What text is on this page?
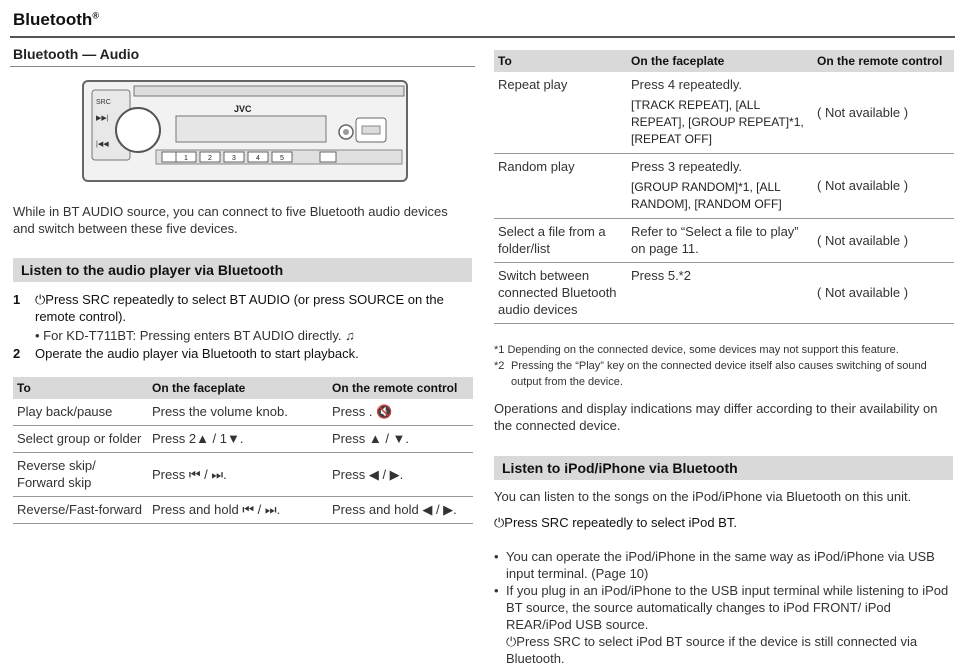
Bluetooth®
Bluetooth — Audio
SRC
▶▶|
|◀◀
JVC
1	2	3	4	5
While in BT AUDIO source, you can connect to five Bluetooth audio devices and switch between these five devices.
Listen to the audio player via Bluetooth
1 ⏻Press SRC repeatedly to select BT AUDIO (or press SOURCE on the remote control).
• For KD-T711BT: Pressing enters BT AUDIO directly. ♫
2 Operate the audio player via Bluetooth to start playback.
To	On the faceplate	On the remote control
Play back/pause	Press the volume knob.	Press . 🔇
Select group or folder	Press 2▲ / 1▼.	Press ▲ / ▼.
Reverse skip/ Forward skip	Press ⏮ / ⏭.	Press ◀ / ▶.
Reverse/Fast-forward	Press and hold ⏮ / ⏭.	Press and hold ◀ / ▶.
To	On the faceplate	On the remote control
Repeat play	Press 4 repeatedly.
[TRACK REPEAT], [ALL REPEAT], [GROUP REPEAT]*1, [REPEAT OFF]	( Not available )
Random play	Press 3 repeatedly.
[GROUP RANDOM]*1, [ALL RANDOM], [RANDOM OFF]	( Not available )
Select a file from a folder/list	Refer to “Select a file to play” on page 11.	( Not available )
Switch between connected Bluetooth audio devices	Press 5.*2	( Not available )
*1 Depending on the connected device, some devices may not support this feature.
*2 Pressing the “Play” key on the connected device itself also causes switching of sound output from the device.
Operations and display indications may differ according to their availability on the connected device.
Listen to iPod/iPhone via Bluetooth
You can listen to the songs on the iPod/iPhone via Bluetooth on this unit.
⏻Press SRC repeatedly to select iPod BT.
• You can operate the iPod/iPhone in the same way as iPod/iPhone via USB input terminal. (Page 10)
• If you plug in an iPod/iPhone to the USB input terminal while listening to iPod BT source, the source automatically changes to iPod FRONT/ iPod REAR/iPod USB source.
⏻Press SRC to select iPod BT source if the device is still connected via Bluetooth.
